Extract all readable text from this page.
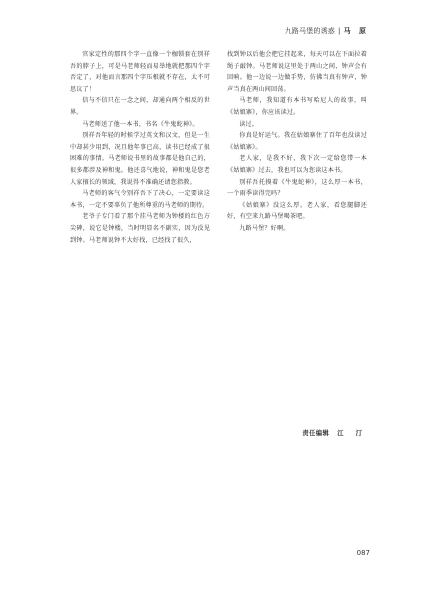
九路马堡的诱惑 | 马 原

官家定性的那四个字一直像一个枷锁套在别祥吾的脖子上，可是马老师轻而易举地就把那四个字否定了，对他而言那四个字压根就不存在，太不可思议了！

信与不信只在一念之间，却通向两个相反的世界。

马老师送了他一本书，书名《牛鬼蛇神》。

别祥吾年轻的时候学过英文和汉文，但是一生中却甚少用到，况且他年事已高，读书已经成了很困难的事情。马老师说书里的故事都是他自己的，很多都涉及神和鬼。他还喜气地说，神和鬼是您老人家擅长的领域，我说得不准确还请您指教。

马老师的客气令别祥吾下了决心，一定要读这本书，一定不要辜负了他所尊重的马老师的期待。

老爷子专门看了那个挂马老师为钟楼的红色方尖碑，说它是钟楼，当时明显名不副实，因为没见到钟。马老师说钟不大好找，已经找了很久，

找到钟以后他会把它挂起来，每天可以在下面拉着绳子敲钟。马老师说这里处于两山之间，钟声会有回响。他一边说一边做手势，仿佛当真有钟声，钟声当真在两山间回荡。

马老师，我知道有本书写哈尼人的故事，叫《姑娘寨》，你应该读过。

读过。

你真是好运气。我在姑娘寨住了百年也没读过《姑娘寨》。

老人家，是我不好，我下次一定给您带一本《姑娘寨》过去，我也可以为您读这本书。

别祥吾托摸着《牛鬼蛇神》，这么厚一本书，一个雨季读得完吗？

《姑娘寨》没这么厚。老人家，看您腿脚还好，有空来九路马堡喝茶吧。

九路马堡？好啊。

责任编辑 江 汀
087
